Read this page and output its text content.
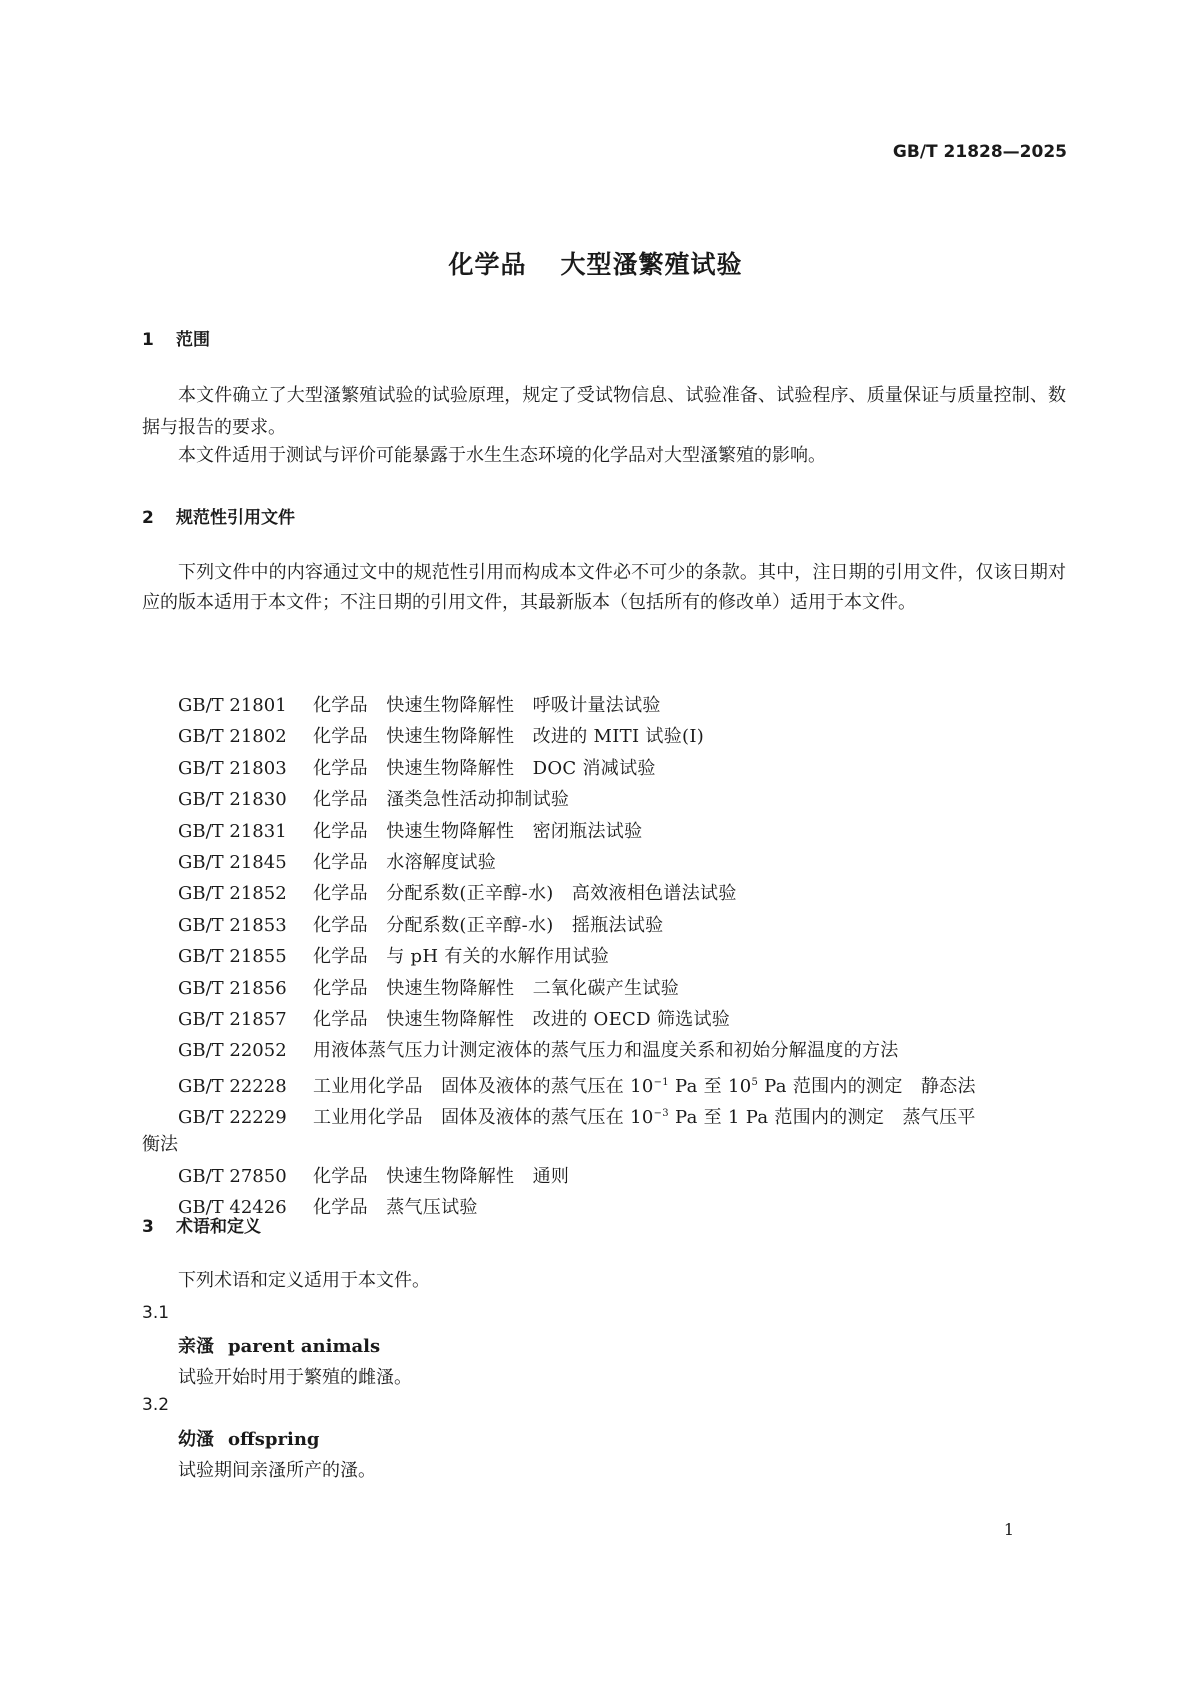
GB/T 21828—2025
化学品 大型溞繁殖试验
1 范围
本文件确立了大型溞繁殖试验的试验原理，规定了受试物信息、试验准备、试验程序、质量保证与质量控制、数据与报告的要求。
本文件适用于测试与评价可能暴露于水生生态环境的化学品对大型溞繁殖的影响。
2 规范性引用文件
下列文件中的内容通过文中的规范性引用而构成本文件必不可少的条款。其中，注日期的引用文件，仅该日期对应的版本适用于本文件；不注日期的引用文件，其最新版本（包括所有的修改单）适用于本文件。
GB/T 21801 化学品　快速生物降解性　呼吸计量法试验
GB/T 21802 化学品　快速生物降解性　改进的 MITI 试验(Ⅰ)
GB/T 21803 化学品　快速生物降解性　DOC 消减试验
GB/T 21830 化学品　溞类急性活动抑制试验
GB/T 21831 化学品　快速生物降解性　密闭瓶法试验
GB/T 21845 化学品　水溶解度试验
GB/T 21852 化学品　分配系数(正辛醇-水)　高效液相色谱法试验
GB/T 21853 化学品　分配系数(正辛醇-水)　摇瓶法试验
GB/T 21855 化学品　与 pH 有关的水解作用试验
GB/T 21856 化学品　快速生物降解性　二氧化碳产生试验
GB/T 21857 化学品　快速生物降解性　改进的 OECD 筛选试验
GB/T 22052 用液体蒸气压力计测定液体的蒸气压力和温度关系和初始分解温度的方法
GB/T 22228 工业用化学品　固体及液体的蒸气压在 $10^{-1}$ Pa 至 $10^5$ Pa 范围内的测定　静态法
GB/T 22229 工业用化学品　固体及液体的蒸气压在 $10^{-3}$ Pa 至 1 Pa 范围内的测定　蒸气压平
衡法
GB/T 27850 化学品　快速生物降解性　通则
GB/T 42426 化学品　蒸气压试验
3 术语和定义
下列术语和定义适用于本文件。
3.1
亲溞 parent animals
试验开始时用于繁殖的雌溞。
3.2
幼溞 offspring
试验期间亲溞所产的溞。
1
